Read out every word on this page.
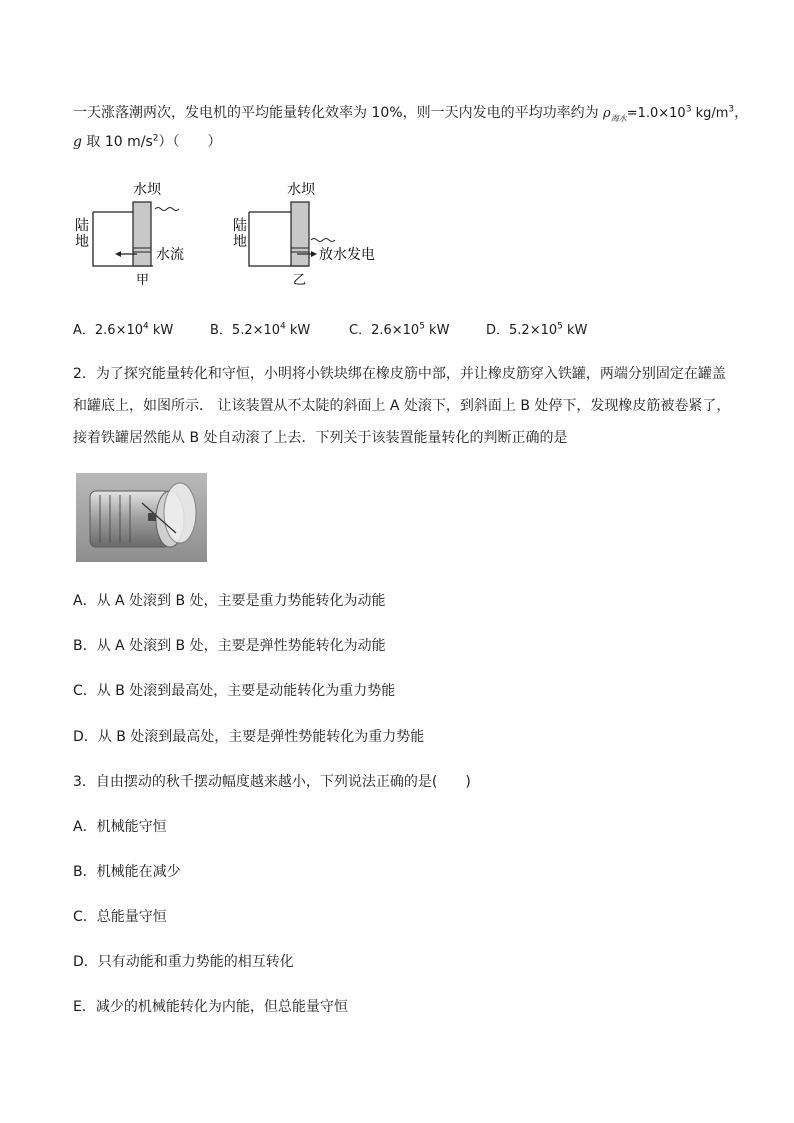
一天涨落潮两次，发电机的平均能量转化效率为 10%，则一天内发电的平均功率约为 $\rho_{海水}=1.0\times 10^3$ $kg/m^3$，
g 取 10 $m/s^2$）（　　）
水坝
陆
地
水流
甲
水坝
陆
地
放水发电
乙
A．$2.6\times 10^4$ kW	B．$5.2\times 10^4$ kW	C．$2.6\times 10^5$ kW	D．$5.2\times 10^5$ kW
2．为了探究能量转化和守恒，小明将小铁块绑在橡皮筋中部，并让橡皮筋穿入铁罐，两端分别固定在罐盖
和罐底上，如图所示． 让该装置从不太陡的斜面上 A 处滚下，到斜面上 B 处停下，发现橡皮筋被卷紧了，
接着铁罐居然能从 B 处自动滚了上去．下列关于该装置能量转化的判断正确的是
A．从 A 处滚到 B 处，主要是重力势能转化为动能
B．从 A 处滚到 B 处，主要是弹性势能转化为动能
C．从 B 处滚到最高处，主要是动能转化为重力势能
D．从 B 处滚到最高处，主要是弹性势能转化为重力势能
3．自由摆动的秋千摆动幅度越来越小，下列说法正确的是(　　)
A．机械能守恒
B．机械能在减少
C．总能量守恒
D．只有动能和重力势能的相互转化
E．减少的机械能转化为内能，但总能量守恒
